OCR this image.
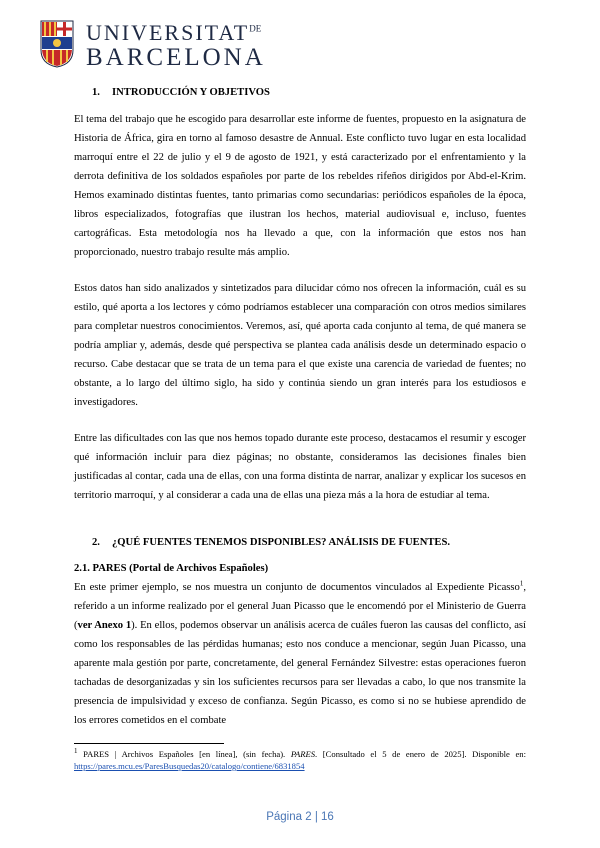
$UNIVERSITAT^{DE}$
BARCELONA
1. INTRODUCCIÓN Y OBJETIVOS

El tema del trabajo que he escogido para desarrollar este informe de fuentes, propuesto en la asignatura de Historia de África, gira en torno al famoso desastre de Annual. Este conflicto tuvo lugar en esta localidad marroquí entre el 22 de julio y el 9 de agosto de 1921, y está caracterizado por el enfrentamiento y la derrota definitiva de los soldados españoles por parte de los rebeldes rifeños dirigidos por Abd-el-Krim. Hemos examinado distintas fuentes, tanto primarias como secundarias: periódicos españoles de la época, libros especializados, fotografías que ilustran los hechos, material audiovisual e, incluso, fuentes cartográficas. Esta metodología nos ha llevado a que, con la información que estos nos han proporcionado, nuestro trabajo resulte más amplio.

Estos datos han sido analizados y sintetizados para dilucidar cómo nos ofrecen la información, cuál es su estilo, qué aporta a los lectores y cómo podríamos establecer una comparación con otros medios similares para completar nuestros conocimientos. Veremos, así, qué aporta cada conjunto al tema, de qué manera se podría ampliar y, además, desde qué perspectiva se plantea cada análisis desde un determinado espacio o recurso. Cabe destacar que se trata de un tema para el que existe una carencia de variedad de fuentes; no obstante, a lo largo del último siglo, ha sido y continúa siendo un gran interés para los estudiosos e investigadores.

Entre las dificultades con las que nos hemos topado durante este proceso, destacamos el resumir y escoger qué información incluir para diez páginas; no obstante, consideramos las decisiones finales bien justificadas al contar, cada una de ellas, con una forma distinta de narrar, analizar y explicar los sucesos en territorio marroquí, y al considerar a cada una de ellas una pieza más a la hora de estudiar al tema.

2. ¿QUÉ FUENTES TENEMOS DISPONIBLES? ANÁLISIS DE FUENTES.
2.1. PARES (Portal de Archivos Españoles)

En este primer ejemplo, se nos muestra un conjunto de documentos vinculados al Expediente Picasso$^1$, referido a un informe realizado por el general Juan Picasso que le encomendó por el Ministerio de Guerra (ver Anexo 1). En ellos, podemos observar un análisis acerca de cuáles fueron las causas del conflicto, así como los responsables de las pérdidas humanas; esto nos conduce a mencionar, según Juan Picasso, una aparente mala gestión por parte, concretamente, del general Fernández Silvestre: estas operaciones fueron tachadas de desorganizadas y sin los suficientes recursos para ser llevadas a cabo, lo que nos transmite la presencia de impulsividad y exceso de confianza. Según Picasso, es como si no se hubiese aprendido de los errores cometidos en el combate

$^1$ PARES | Archivos Españoles [en línea], (sin fecha). PARES. [Consultado el 5 de enero de 2025]. Disponible en: https://pares.mcu.es/ParesBusquedas20/catalogo/contiene/6831854
Página 2 | 16
